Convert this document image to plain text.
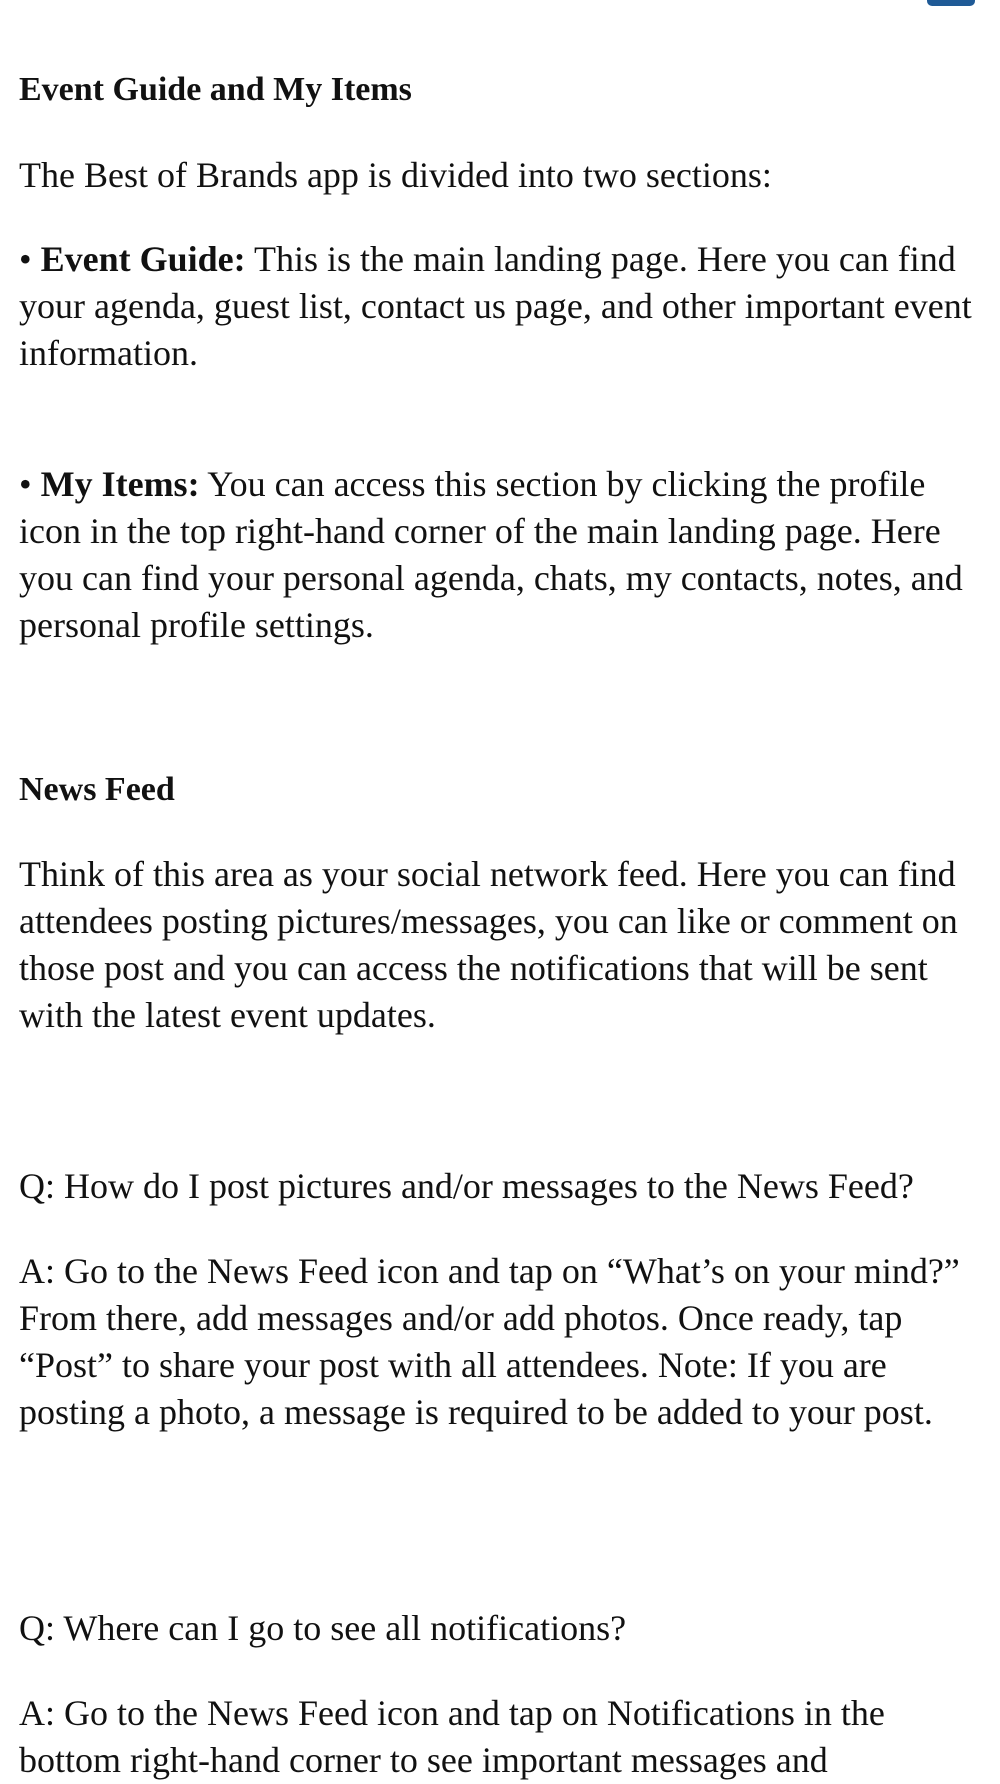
Event Guide and My Items

The Best of Brands app is divided into two sections:

• Event Guide: This is the main landing page. Here you can find your agenda, guest list, contact us page, and other important event information.

• My Items: You can access this section by clicking the profile icon in the top right-hand corner of the main landing page. Here you can find your personal agenda, chats, my contacts, notes, and personal profile settings.

News Feed

Think of this area as your social network feed. Here you can find attendees posting pictures/messages, you can like or comment on those post and you can access the notifications that will be sent with the latest event updates.

Q: How do I post pictures and/or messages to the News Feed?

A: Go to the News Feed icon and tap on “What’s on your mind?” From there, add messages and/or add photos. Once ready, tap “Post” to share your post with all attendees. Note: If you are posting a photo, a message is required to be added to your post.

Q: Where can I go to see all notifications?

A: Go to the News Feed icon and tap on Notifications in the bottom right-hand corner to see important messages and
